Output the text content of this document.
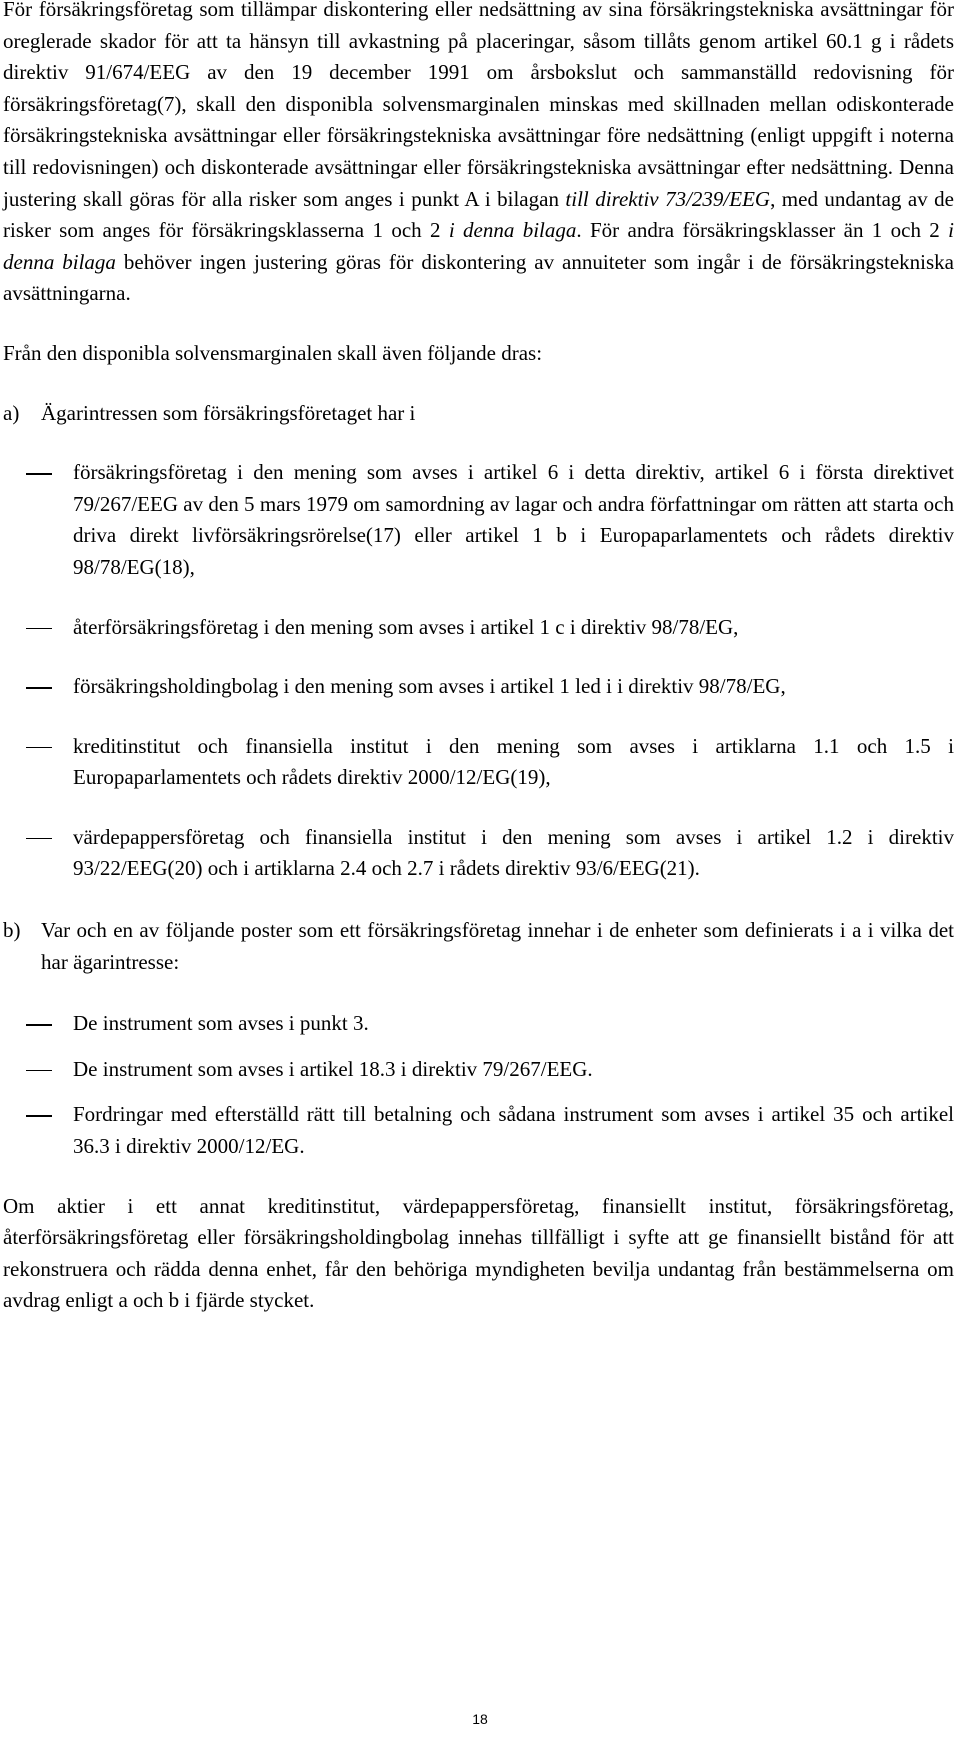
För försäkringsföretag som tillämpar diskontering eller nedsättning av sina försäkringstekniska avsättningar för oreglerade skador för att ta hänsyn till avkastning på placeringar, såsom tillåts genom artikel 60.1 g i rådets direktiv 91/674/EEG av den 19 december 1991 om årsbokslut och sammanställd redovisning för försäkringsföretag(7), skall den disponibla solvensmarginalen minskas med skillnaden mellan odiskonterade försäkringstekniska avsättningar eller försäkringstekniska avsättningar före nedsättning (enligt uppgift i noterna till redovisningen) och diskonterade avsättningar eller försäkringstekniska avsättningar efter nedsättning. Denna justering skall göras för alla risker som anges i punkt A i bilagan till direktiv 73/239/EEG, med undantag av de risker som anges för försäkringsklasserna 1 och 2 i denna bilaga. För andra försäkringsklasser än 1 och 2 i denna bilaga behöver ingen justering göras för diskontering av annuiteter som ingår i de försäkringstekniska avsättningarna.

Från den disponibla solvensmarginalen skall även följande dras:

a)	Ägarintressen som försäkringsföretaget har i

försäkringsföretag i den mening som avses i artikel 6 i detta direktiv, artikel 6 i första direktivet 79/267/EEG av den 5 mars 1979 om samordning av lagar och andra författningar om rätten att starta och driva direkt livförsäkringsrörelse(17) eller artikel 1 b i Europaparlamentets och rådets direktiv 98/78/EG(18),

återförsäkringsföretag i den mening som avses i artikel 1 c i direktiv 98/78/EG,

försäkringsholdingbolag i den mening som avses i artikel 1 led i i direktiv 98/78/EG,

kreditinstitut och finansiella institut i den mening som avses i artiklarna 1.1 och 1.5 i Europaparlamentets och rådets direktiv 2000/12/EG(19),

värdepappersföretag och finansiella institut i den mening som avses i artikel 1.2 i direktiv 93/22/EEG(20) och i artiklarna 2.4 och 2.7 i rådets direktiv 93/6/EEG(21).

b) Var och en av följande poster som ett försäkringsföretag innehar i de enheter som definierats i a i vilka det har ägarintresse:

De instrument som avses i punkt 3.

De instrument som avses i artikel 18.3 i direktiv 79/267/EEG.

Fordringar med efterställd rätt till betalning och sådana instrument som avses i artikel 35 och artikel 36.3 i direktiv 2000/12/EG.

Om aktier i ett annat kreditinstitut, värdepappersföretag, finansiellt institut, försäkringsföretag, återförsäkringsföretag eller försäkringsholdingbolag innehas tillfälligt i syfte att ge finansiellt bistånd för att rekonstruera och rädda denna enhet, får den behöriga myndigheten bevilja undantag från bestämmelserna om avdrag enligt a och b i fjärde stycket.

18
